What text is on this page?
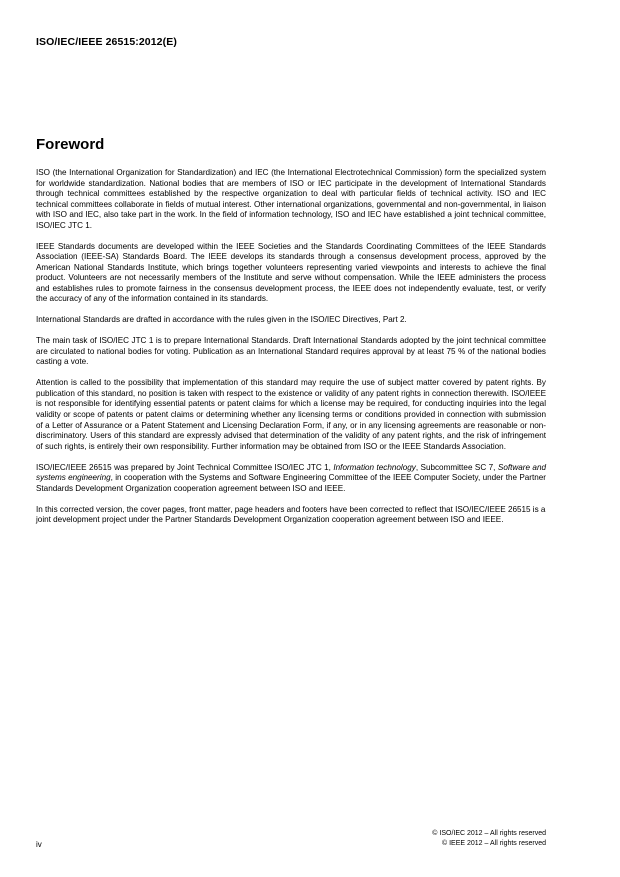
ISO/IEC/IEEE 26515:2012(E)
Foreword

ISO (the International Organization for Standardization) and IEC (the International Electrotechnical Commission) form the specialized system for worldwide standardization. National bodies that are members of ISO or IEC participate in the development of International Standards through technical committees established by the respective organization to deal with particular fields of technical activity. ISO and IEC technical committees collaborate in fields of mutual interest. Other international organizations, governmental and non-governmental, in liaison with ISO and IEC, also take part in the work. In the field of information technology, ISO and IEC have established a joint technical committee, ISO/IEC JTC 1.

IEEE Standards documents are developed within the IEEE Societies and the Standards Coordinating Committees of the IEEE Standards Association (IEEE-SA) Standards Board. The IEEE develops its standards through a consensus development process, approved by the American National Standards Institute, which brings together volunteers representing varied viewpoints and interests to achieve the final product. Volunteers are not necessarily members of the Institute and serve without compensation. While the IEEE administers the process and establishes rules to promote fairness in the consensus development process, the IEEE does not independently evaluate, test, or verify the accuracy of any of the information contained in its standards.

International Standards are drafted in accordance with the rules given in the ISO/IEC Directives, Part 2.

The main task of ISO/IEC JTC 1 is to prepare International Standards. Draft International Standards adopted by the joint technical committee are circulated to national bodies for voting. Publication as an International Standard requires approval by at least 75 % of the national bodies casting a vote.

Attention is called to the possibility that implementation of this standard may require the use of subject matter covered by patent rights. By publication of this standard, no position is taken with respect to the existence or validity of any patent rights in connection therewith. ISO/IEEE is not responsible for identifying essential patents or patent claims for which a license may be required, for conducting inquiries into the legal validity or scope of patents or patent claims or determining whether any licensing terms or conditions provided in connection with submission of a Letter of Assurance or a Patent Statement and Licensing Declaration Form, if any, or in any licensing agreements are reasonable or non-discriminatory. Users of this standard are expressly advised that determination of the validity of any patent rights, and the risk of infringement of such rights, is entirely their own responsibility. Further information may be obtained from ISO or the IEEE Standards Association.

ISO/IEC/IEEE 26515 was prepared by Joint Technical Committee ISO/IEC JTC 1, Information technology, Subcommittee SC 7, Software and systems engineering, in cooperation with the Systems and Software Engineering Committee of the IEEE Computer Society, under the Partner Standards Development Organization cooperation agreement between ISO and IEEE.

In this corrected version, the cover pages, front matter, page headers and footers have been corrected to reflect that ISO/IEC/IEEE 26515 is a joint development project under the Partner Standards Development Organization cooperation agreement between ISO and IEEE.

iv
© ISO/IEC 2012 – All rights reserved
© IEEE 2012 – All rights reserved
